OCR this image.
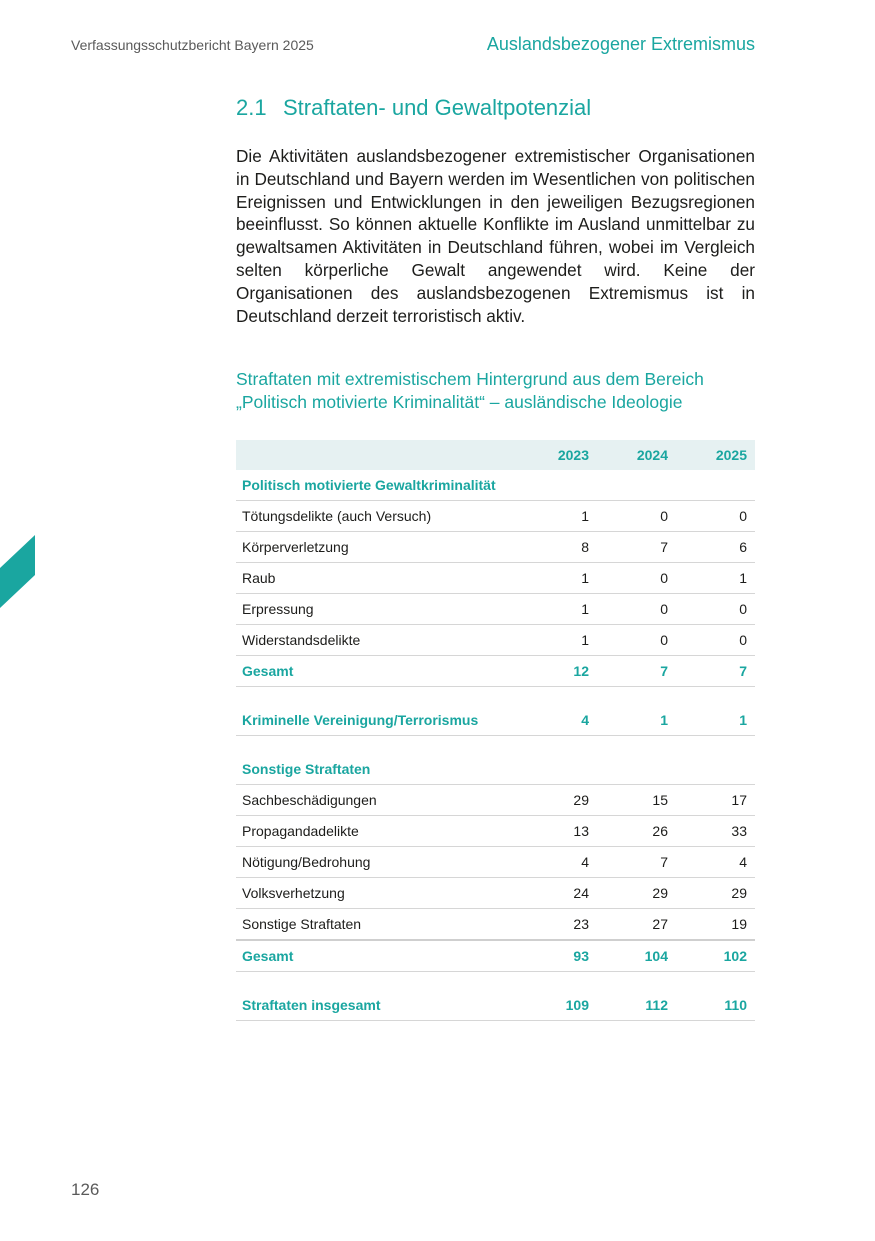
Verfassungsschutzbericht Bayern 2025	Auslandsbezogener Extremismus
2.1 Straftaten- und Gewaltpotenzial

Die Aktivitäten auslandsbezogener extremistischer Organisationen in Deutschland und Bayern werden im Wesentlichen von politischen Ereignissen und Entwicklungen in den jeweiligen Bezugsregionen beeinflusst. So können aktuelle Konflikte im Ausland unmittelbar zu gewaltsamen Aktivitäten in Deutschland führen, wobei im Vergleich selten körperliche Gewalt angewendet wird. Keine der Organisationen des auslandsbezogenen Extremismus ist in Deutschland derzeit terroristisch aktiv.

Straftaten mit extremistischem Hintergrund aus dem Bereich „Politisch motivierte Kriminalität“ – ausländische Ideologie

	2023	2024	2025
Politisch motivierte Gewaltkriminalität			
Tötungsdelikte (auch Versuch)	1	0	0
Körperverletzung	8	7	6
Raub	1	0	1
Erpressung	1	0	0
Widerstandsdelikte	1	0	0
Gesamt	12	7	7

Kriminelle Vereinigung/Terrorismus	4	1	1

Sonstige Straftaten			
Sachbeschädigungen	29	15	17
Propagandadelikte	13	26	33
Nötigung/Bedrohung	4	7	4
Volksverhetzung	24	29	29
Sonstige Straftaten	23	27	19
Gesamt	93	104	102

Straftaten insgesamt	109	112	110
126
